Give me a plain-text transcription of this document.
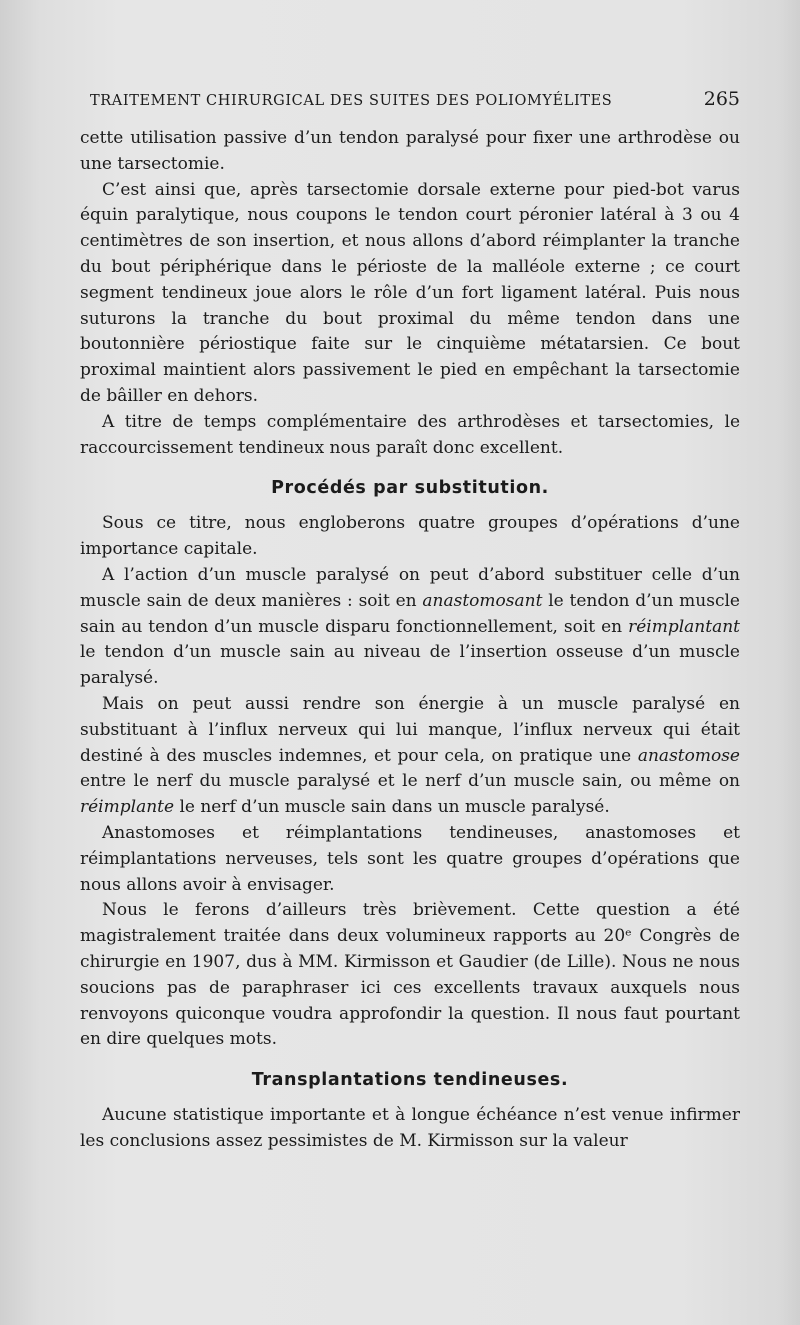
TRAITEMENT CHIRURGICAL DES SUITES DES POLIOMYÉLITES	265

cette utilisation passive d’un tendon paralysé pour fixer une arthrodèse ou une tarsectomie.

C’est ainsi que, après tarsectomie dorsale externe pour pied-bot varus équin paralytique, nous coupons le tendon court péronier latéral à 3 ou 4 centimètres de son insertion, et nous allons d’abord réimplanter la tranche du bout périphérique dans le périoste de la malléole externe ; ce court segment tendineux joue alors le rôle d’un fort ligament latéral. Puis nous suturons la tranche du bout proximal du même tendon dans une boutonnière périostique faite sur le cinquième métatarsien. Ce bout proximal maintient alors passivement le pied en empêchant la tarsectomie de bâiller en dehors.

A titre de temps complémentaire des arthrodèses et tarsectomies, le raccourcissement tendineux nous paraît donc excellent.

Procédés par substitution.

Sous ce titre, nous engloberons quatre groupes d’opérations d’une importance capitale.

A l’action d’un muscle paralysé on peut d’abord substituer celle d’un muscle sain de deux manières : soit en anastomosant le tendon d’un muscle sain au tendon d’un muscle disparu fonctionnellement, soit en réimplantant le tendon d’un muscle sain au niveau de l’insertion osseuse d’un muscle paralysé.

Mais on peut aussi rendre son énergie à un muscle paralysé en substituant à l’influx nerveux qui lui manque, l’influx nerveux qui était destiné à des muscles indemnes, et pour cela, on pratique une anastomose entre le nerf du muscle paralysé et le nerf d’un muscle sain, ou même on réimplante le nerf d’un muscle sain dans un muscle paralysé.

Anastomoses et réimplantations tendineuses, anastomoses et réimplantations nerveuses, tels sont les quatre groupes d’opérations que nous allons avoir à envisager.

Nous le ferons d’ailleurs très brièvement. Cette question a été magistralement traitée dans deux volumineux rapports au 20ᵉ Congrès de chirurgie en 1907, dus à MM. Kirmisson et Gaudier (de Lille). Nous ne nous soucions pas de paraphraser ici ces excellents travaux auxquels nous renvoyons quiconque voudra approfondir la question. Il nous faut pourtant en dire quelques mots.

Transplantations tendineuses.

Aucune statistique importante et à longue échéance n’est venue infirmer les conclusions assez pessimistes de M. Kirmisson sur la valeur
